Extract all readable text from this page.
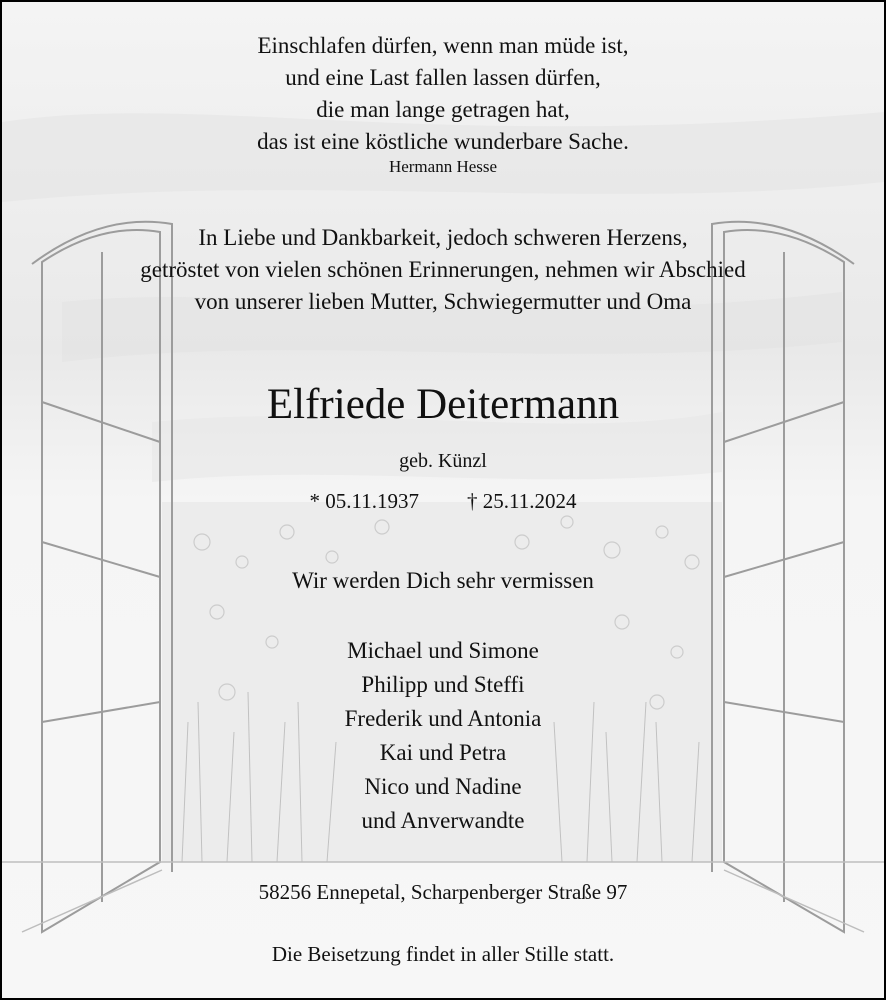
Einschlafen dürfen, wenn man müde ist,
und eine Last fallen lassen dürfen,
die man lange getragen hat,
das ist eine köstliche wunderbare Sache.
Hermann Hesse
In Liebe und Dankbarkeit, jedoch schweren Herzens,
getröstet von vielen schönen Erinnerungen, nehmen wir Abschied
von unserer lieben Mutter, Schwiegermutter und Oma
Elfriede Deitermann
geb. Künzl
* 05.11.1937 † 25.11.2024
Wir werden Dich sehr vermissen
Michael und Simone
Philipp und Steffi
Frederik und Antonia
Kai und Petra
Nico und Nadine
und Anverwandte
58256 Ennepetal, Scharpenberger Straße 97
Die Beisetzung findet in aller Stille statt.
